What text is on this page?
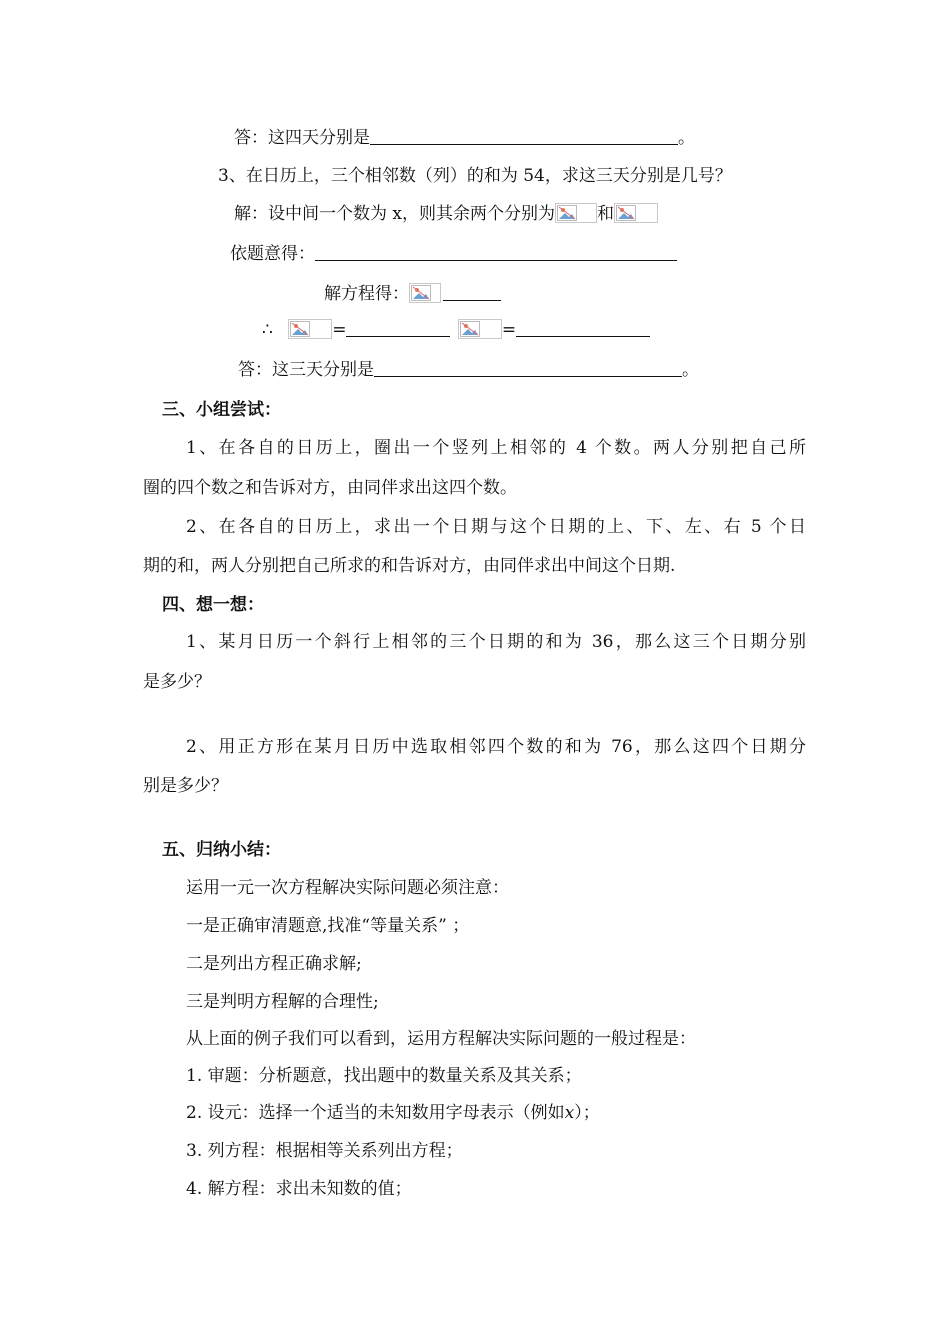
答：这四天分别是	。
3、在日历上，三个相邻数（列）的和为 54，求这三天分别是几号？
解：设中间一个数为 x，则其余两个分别为 和
依题意得：
解方程得：
∴	=	=
答：这三天分别是	。
三、小组尝试：
1、在各自的日历上，圈出一个竖列上相邻的 4 个数。两人分别把自己所
圈的四个数之和告诉对方，由同伴求出这四个数。
2、在各自的日历上，求出一个日期与这个日期的上、下、左、右 5 个日
期的和，两人分别把自己所求的和告诉对方，由同伴求出中间这个日期.
四、想一想：
1、某月日历一个斜行上相邻的三个日期的和为 36，那么这三个日期分别
是多少？
2、用正方形在某月日历中选取相邻四个数的和为 76，那么这四个日期分
别是多少？
五、归纳小结：
运用一元一次方程解决实际问题必须注意：
一是正确审清题意,找准“等量关系” ；
二是列出方程正确求解;
三是判明方程解的合理性;
从上面的例子我们可以看到，运用方程解决实际问题的一般过程是：
1. 审题：分析题意，找出题中的数量关系及其关系；
2. 设元：选择一个适当的未知数用字母表示（例如x）；
3. 列方程：根据相等关系列出方程；
4. 解方程：求出未知数的值；
